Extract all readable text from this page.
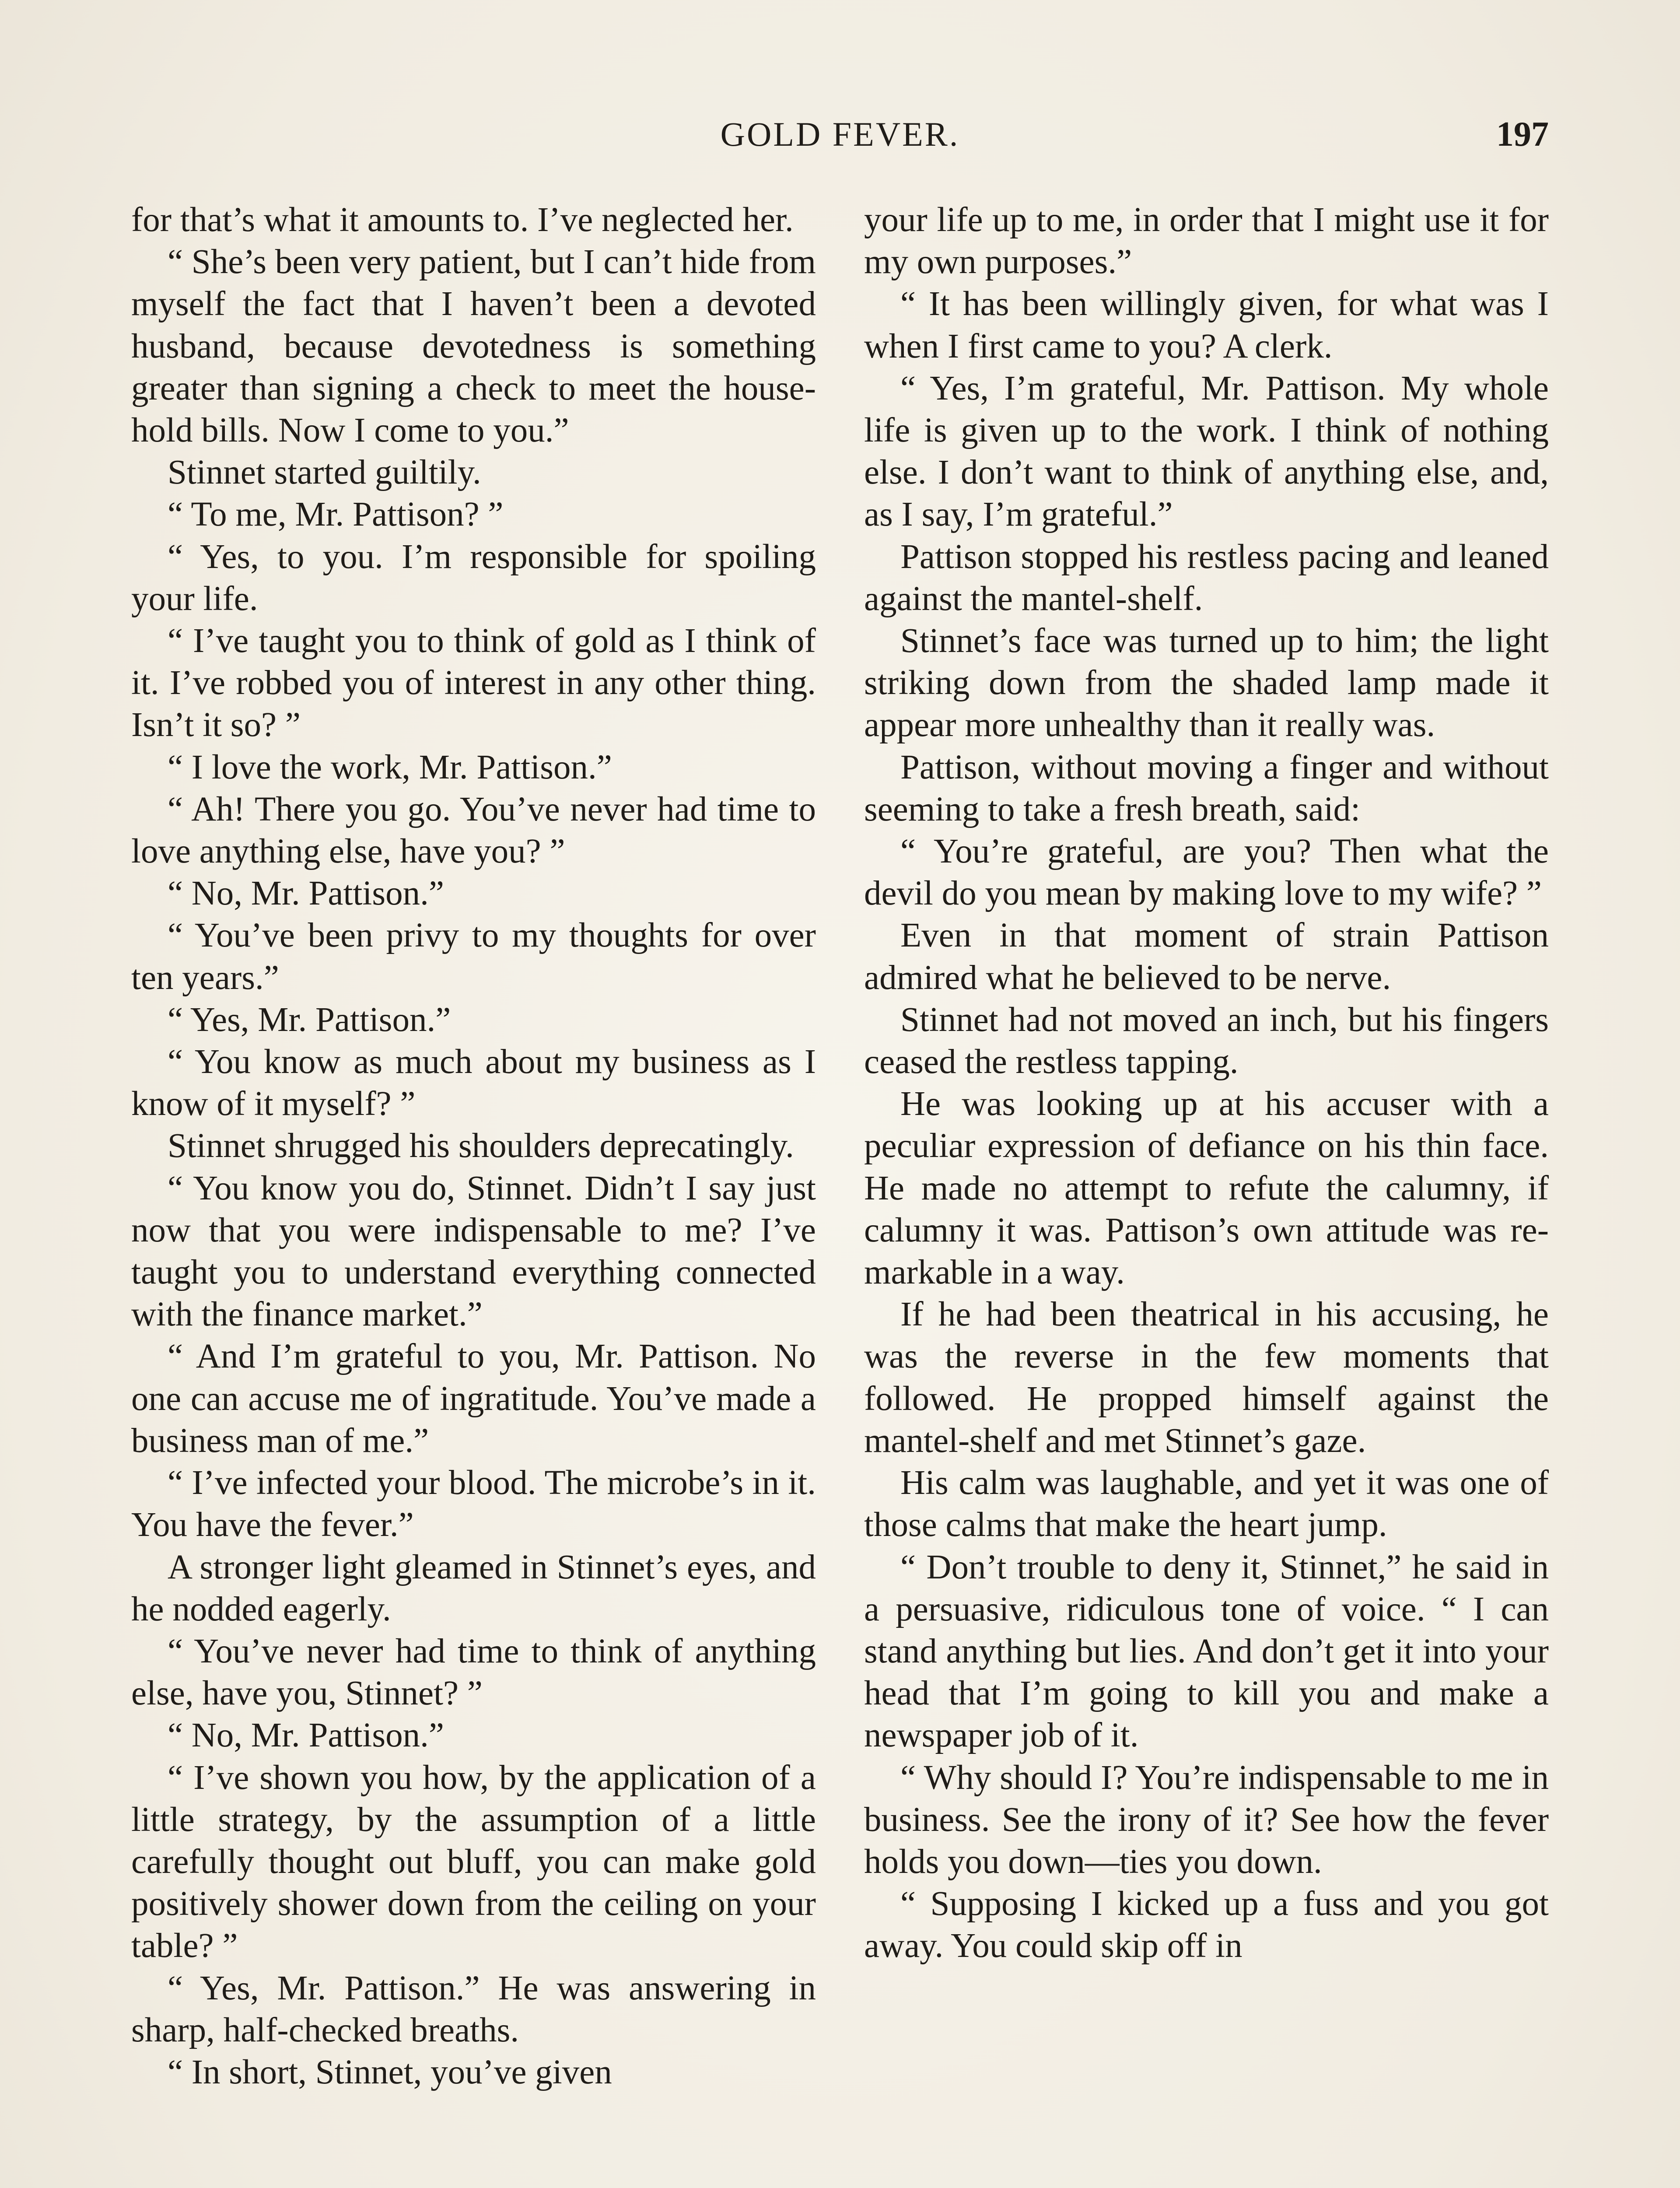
GOLD FEVER.	197

for that’s what it amounts to. I’ve neglected her.

“ She’s been very patient, but I can’t hide from myself the fact that I haven’t been a devoted husband, because devotedness is something greater than signing a check to meet the household bills. Now I come to you.”

Stinnet started guiltily.

“ To me, Mr. Pattison? ”

“ Yes, to you. I’m responsible for spoiling your life.

“ I’ve taught you to think of gold as I think of it. I’ve robbed you of interest in any other thing. Isn’t it so? ”

“ I love the work, Mr. Pattison.”

“ Ah! There you go. You’ve never had time to love anything else, have you? ”

“ No, Mr. Pattison.”

“ You’ve been privy to my thoughts for over ten years.”

“ Yes, Mr. Pattison.”

“ You know as much about my business as I know of it myself? ”

Stinnet shrugged his shoulders deprecatingly.

“ You know you do, Stinnet. Didn’t I say just now that you were indispensable to me? I’ve taught you to understand everything connected with the finance market.”

“ And I’m grateful to you, Mr. Pattison. No one can accuse me of ingratitude. You’ve made a business man of me.”

“ I’ve infected your blood. The microbe’s in it. You have the fever.”

A stronger light gleamed in Stinnet’s eyes, and he nodded eagerly.

“ You’ve never had time to think of anything else, have you, Stinnet? ”

“ No, Mr. Pattison.”

“ I’ve shown you how, by the application of a little strategy, by the assumption of a little carefully thought out bluff, you can make gold positively shower down from the ceiling on your table? ”

“ Yes, Mr. Pattison.” He was answering in sharp, half-checked breaths.

“ In short, Stinnet, you’ve given

your life up to me, in order that I might use it for my own purposes.”

“ It has been willingly given, for what was I when I first came to you? A clerk.

“ Yes, I’m grateful, Mr. Pattison. My whole life is given up to the work. I think of nothing else. I don’t want to think of anything else, and, as I say, I’m grateful.”

Pattison stopped his restless pacing and leaned against the mantel-shelf.

Stinnet’s face was turned up to him; the light striking down from the shaded lamp made it appear more unhealthy than it really was.

Pattison, without moving a finger and without seeming to take a fresh breath, said:

“ You’re grateful, are you? Then what the devil do you mean by making love to my wife? ”

Even in that moment of strain Pattison admired what he believed to be nerve.

Stinnet had not moved an inch, but his fingers ceased the restless tapping.

He was looking up at his accuser with a peculiar expression of defiance on his thin face. He made no attempt to refute the calumny, if calumny it was. Pattison’s own attitude was remarkable in a way.

If he had been theatrical in his accusing, he was the reverse in the few moments that followed. He propped himself against the mantel-shelf and met Stinnet’s gaze.

His calm was laughable, and yet it was one of those calms that make the heart jump.

“ Don’t trouble to deny it, Stinnet,” he said in a persuasive, ridiculous tone of voice. “ I can stand anything but lies. And don’t get it into your head that I’m going to kill you and make a newspaper job of it.

“ Why should I? You’re indispensable to me in business. See the irony of it? See how the fever holds you down—ties you down.

“ Supposing I kicked up a fuss and you got away. You could skip off in
